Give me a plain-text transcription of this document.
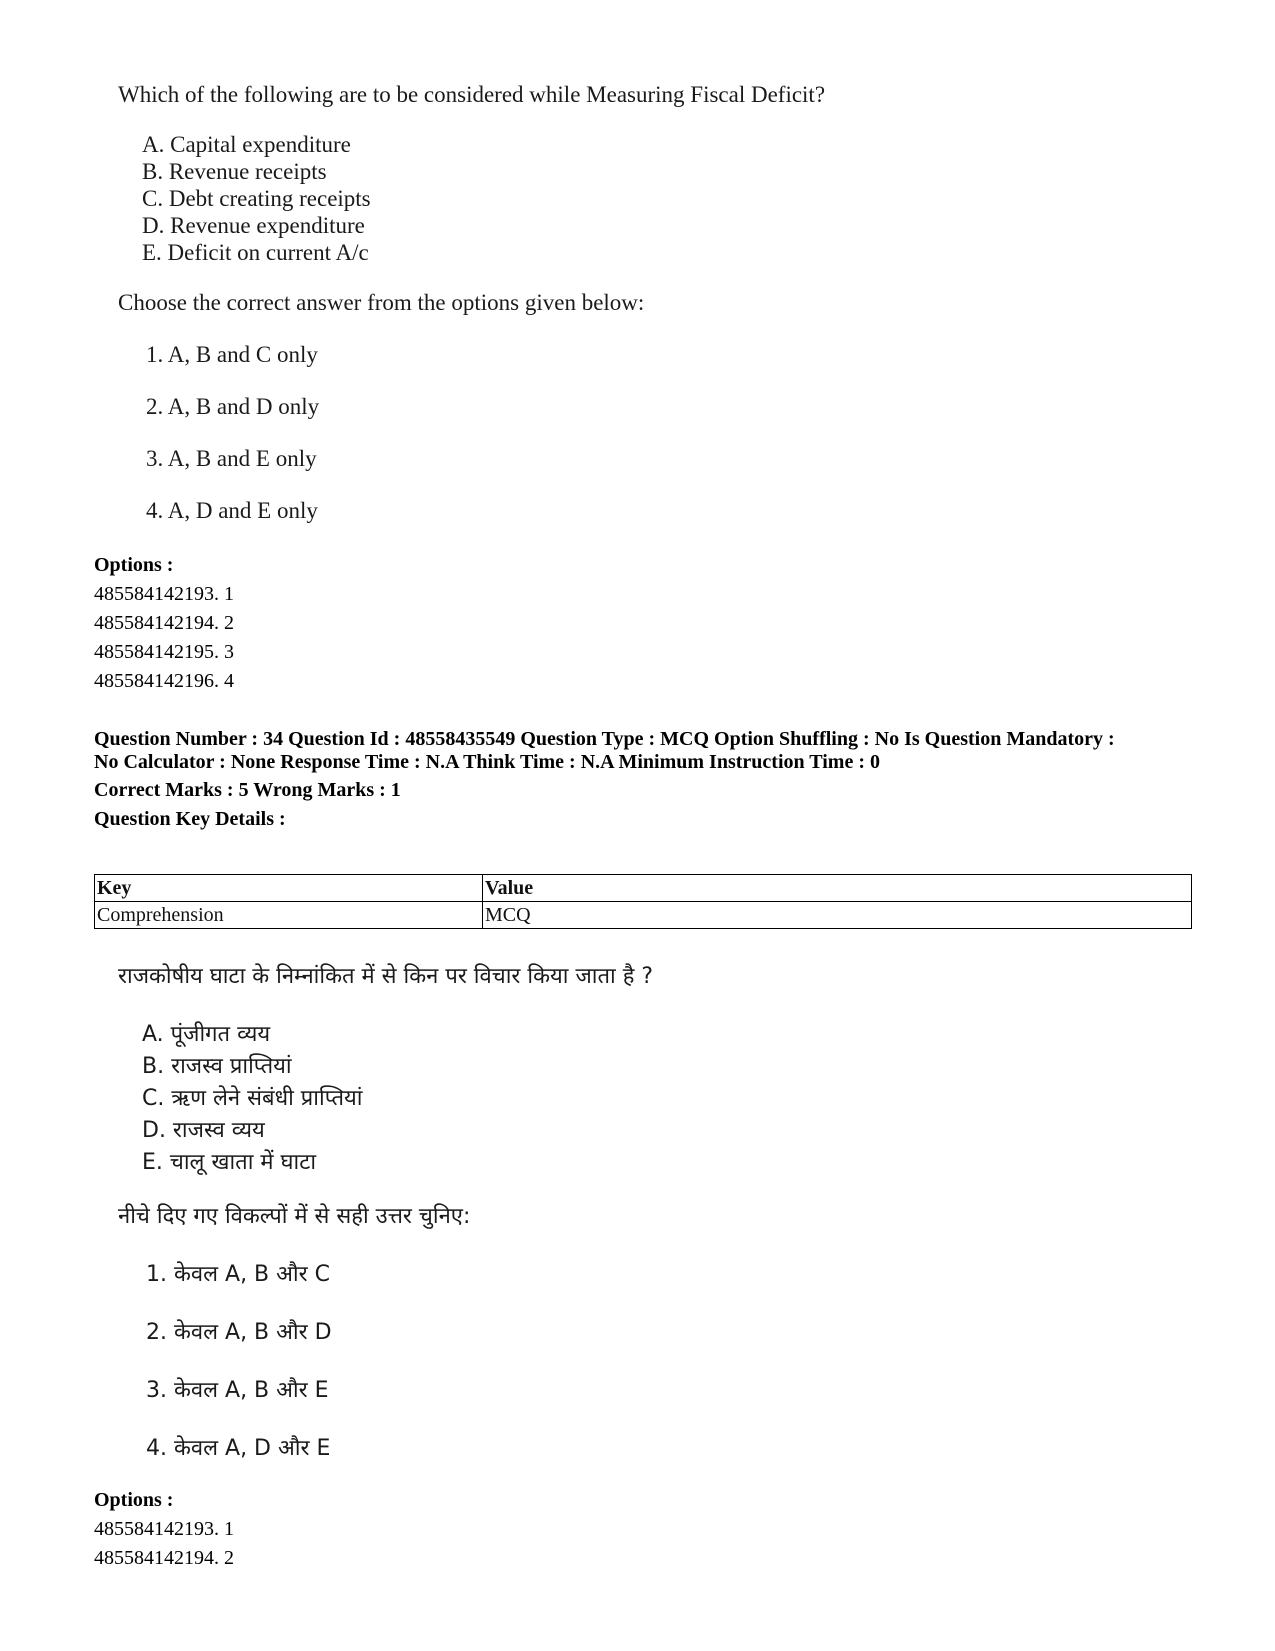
Which of the following are to be considered while Measuring Fiscal Deficit?
A. Capital expenditure
B. Revenue receipts
C. Debt creating receipts
D. Revenue expenditure
E. Deficit on current A/c
Choose the correct answer from the options given below:
1. A, B and C only
2. A, B and D only
3. A, B and E only
4. A, D and E only
Options :
485584142193. 1
485584142194. 2
485584142195. 3
485584142196. 4
Question Number : 34 Question Id : 48558435549 Question Type : MCQ Option Shuffling : No Is Question Mandatory :
No Calculator : None Response Time : N.A Think Time : N.A Minimum Instruction Time : 0
Correct Marks : 5 Wrong Marks : 1
Question Key Details :
Key	Value
Comprehension	MCQ
राजकोषीय घाटा के निम्नांकित में से किन पर विचार किया जाता है ?
A. पूंजीगत व्यय
B. राजस्व प्राप्तियां
C. ऋण लेने संबंधी प्राप्तियां
D. राजस्व व्यय
E. चालू खाता में घाटा
नीचे दिए गए विकल्पों में से सही उत्तर चुनिए:
1. केवल A, B और C
2. केवल A, B और D
3. केवल A, B और E
4. केवल A, D और E
Options :
485584142193. 1
485584142194. 2
